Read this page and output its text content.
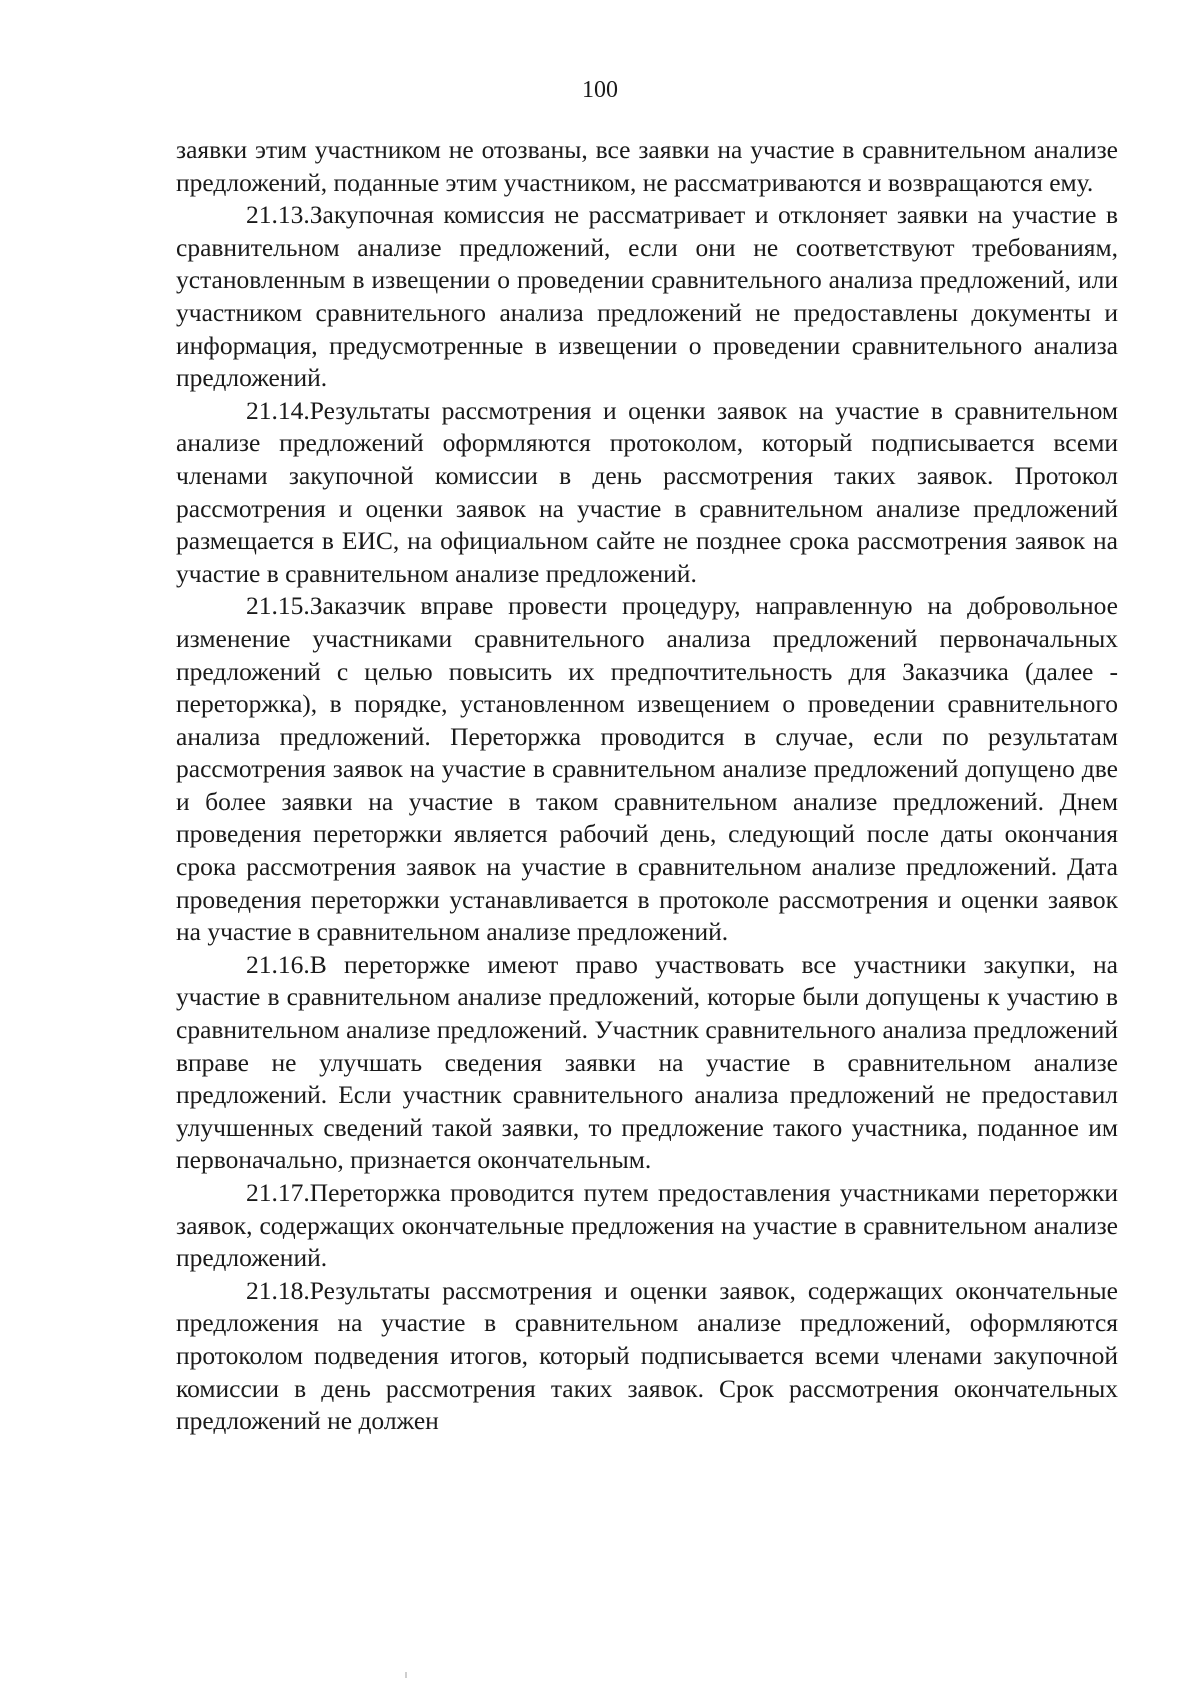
100

заявки этим участником не отозваны, все заявки на участие в сравнительном анализе предложений, поданные этим участником, не рассматриваются и возвращаются ему.

21.13.Закупочная комиссия не рассматривает и отклоняет заявки на участие в сравнительном анализе предложений, если они не соответствуют требованиям, установленным в извещении о проведении сравнительного анализа предложений, или участником сравнительного анализа предложений не предоставлены документы и информация, предусмотренные в извещении о проведении сравнительного анализа предложений.

21.14.Результаты рассмотрения и оценки заявок на участие в сравнительном анализе предложений оформляются протоколом, который подписывается всеми членами закупочной комиссии в день рассмотрения таких заявок. Протокол рассмотрения и оценки заявок на участие в сравнительном анализе предложений размещается в ЕИС, на официальном сайте не позднее срока рассмотрения заявок на участие в сравнительном анализе предложений.

21.15.Заказчик вправе провести процедуру, направленную на добровольное изменение участниками сравнительного анализа предложений первоначальных предложений с целью повысить их предпочтительность для Заказчика (далее - переторжка), в порядке, установленном извещением о проведении сравнительного анализа предложений. Переторжка проводится в случае, если по результатам рассмотрения заявок на участие в сравнительном анализе предложений допущено две и более заявки на участие в таком сравнительном анализе предложений. Днем проведения переторжки является рабочий день, следующий после даты окончания срока рассмотрения заявок на участие в сравнительном анализе предложений. Дата проведения переторжки устанавливается в протоколе рассмотрения и оценки заявок на участие в сравнительном анализе предложений.

21.16.В переторжке имеют право участвовать все участники закупки, на участие в сравнительном анализе предложений, которые были допущены к участию в сравнительном анализе предложений. Участник сравнительного анализа предложений вправе не улучшать сведения заявки на участие в сравнительном анализе предложений. Если участник сравнительного анализа предложений не предоставил улучшенных сведений такой заявки, то предложение такого участника, поданное им первоначально, признается окончательным.

21.17.Переторжка проводится путем предоставления участниками переторжки заявок, содержащих окончательные предложения на участие в сравнительном анализе предложений.

21.18.Результаты рассмотрения и оценки заявок, содержащих окончательные предложения на участие в сравнительном анализе предложений, оформляются протоколом подведения итогов, который подписывается всеми членами закупочной комиссии в день рассмотрения таких заявок. Срок рассмотрения окончательных предложений не должен
